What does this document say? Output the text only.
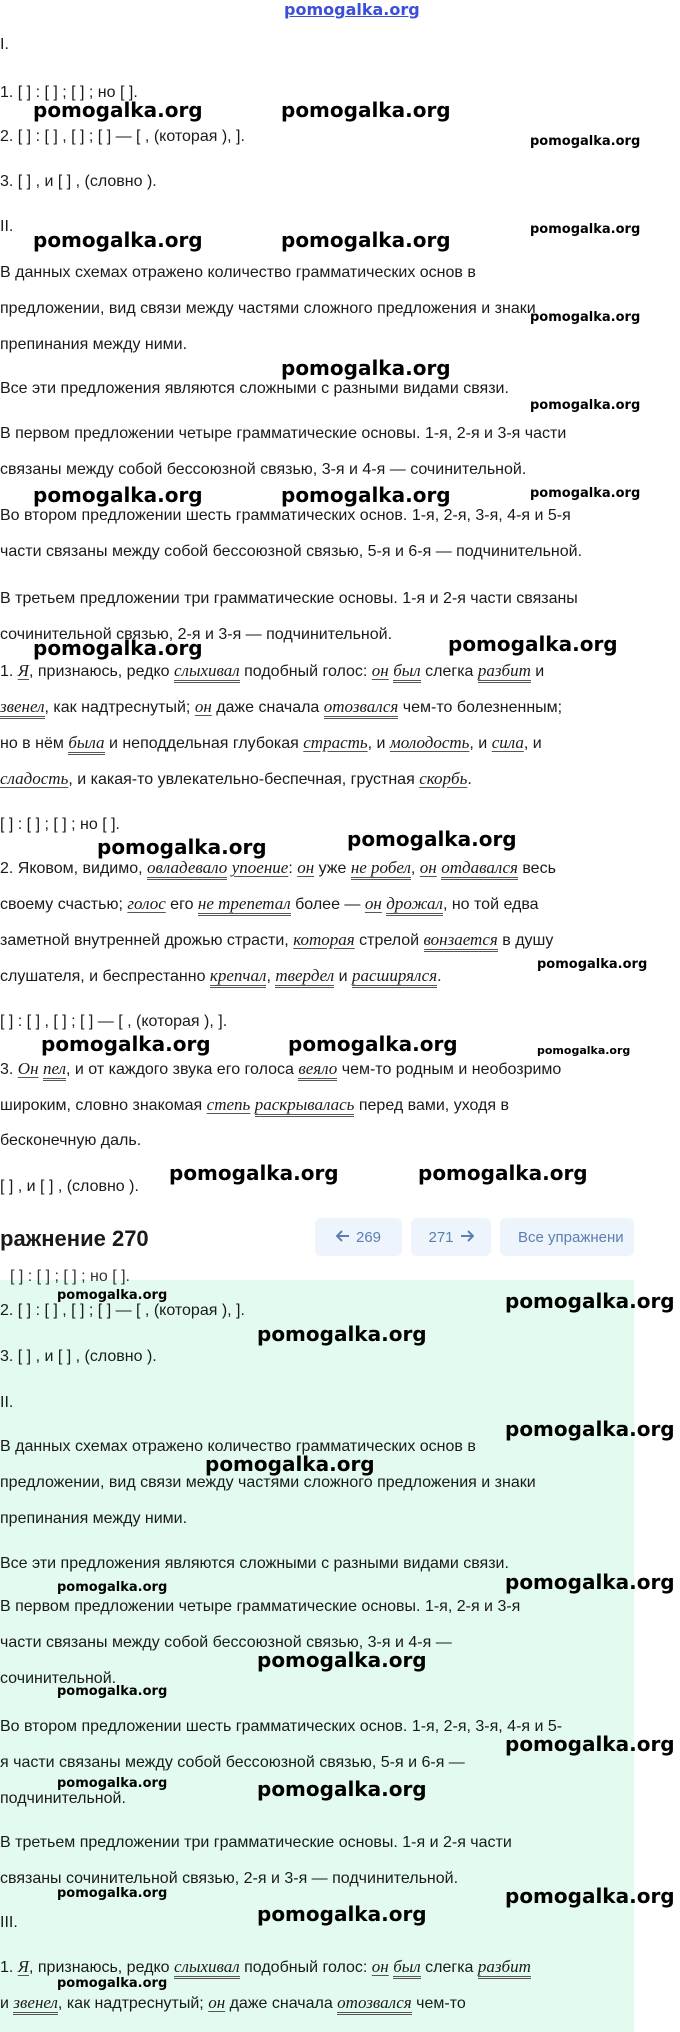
pomogalka.org
I.
1. [ ] : [ ] ; [ ] ; но [ ].
2. [ ] : [ ] , [ ] ; [ ] — [ , (которая ), ].
3. [ ] , и [ ] , (словно ).
II.
В данных схемах отражено количество грамматических основ в
предложении, вид связи между частями сложного предложения и знаки
препинания между ними.
Все эти предложения являются сложными с разными видами связи.
В первом предложении четыре грамматические основы. 1-я, 2-я и 3-я части
связаны между собой бессоюзной связью, 3-я и 4-я — сочинительной.
Во втором предложении шесть грамматических основ. 1-я, 2-я, 3-я, 4-я и 5-я
части связаны между собой бессоюзной связью, 5-я и 6-я — подчинительной.
В третьем предложении три грамматические основы. 1-я и 2-я части связаны
сочинительной связью, 2-я и 3-я — подчинительной.
1. Я, признаюсь, редко слыхивал подобный голос: он был слегка разбит и
звенел, как надтреснутый; он даже сначала отозвался чем-то болезненным;
но в нём была и неподдельная глубокая страсть, и молодость, и сила, и
сладость, и какая-то увлекательно-беспечная, грустная скорбь.
[ ] : [ ] ; [ ] ; но [ ].
2. Яковом, видимо, овладевало упоение: он уже не робел, он отдавался весь
своему счастью; голос его не трепетал более — он дрожал, но той едва
заметной внутренней дрожью страсти, которая стрелой вонзается в душу
слушателя, и беспрестанно крепчал, твердел и расширялся.
[ ] : [ ] , [ ] ; [ ] — [ , (которая ), ].
3. Он пел, и от каждого звука его голоса веяло чем-то родным и необозримо
широким, словно знакомая степь раскрывалась перед вами, уходя в
бесконечную даль.
[ ] , и [ ] , (словно ).
[ ] : [ ] ; [ ] ; но [ ].
ражнение 270	269	271	Все упражнени
2. [ ] : [ ] , [ ] ; [ ] — [ , (которая ), ].
3. [ ] , и [ ] , (словно ).
II.
В данных схемах отражено количество грамматических основ в
предложении, вид связи между частями сложного предложения и знаки
препинания между ними.
Все эти предложения являются сложными с разными видами связи.
В первом предложении четыре грамматические основы. 1-я, 2-я и 3-я
части связаны между собой бессоюзной связью, 3-я и 4-я —
сочинительной.
Во втором предложении шесть грамматических основ. 1-я, 2-я, 3-я, 4-я и 5-
я части связаны между собой бессоюзной связью, 5-я и 6-я —
подчинительной.
В третьем предложении три грамматические основы. 1-я и 2-я части
связаны сочинительной связью, 2-я и 3-я — подчинительной.
III.
1. Я, признаюсь, редко слыхивал подобный голос: он был слегка разбит
и звенел, как надтреснутый; он даже сначала отозвался чем-то
pomogalka.org	pomogalka.org
pomogalka.org
pomogalka.org	pomogalka.org	pomogalka.org
pomogalka.org
pomogalka.org
pomogalka.org
pomogalka.org	pomogalka.org	pomogalka.org
pomogalka.org	pomogalka.org
pomogalka.org	pomogalka.org
pomogalka.org
pomogalka.org	pomogalka.org	pomogalka.org
pomogalka.org	pomogalka.org
pomogalka.org	pomogalka.org
pomogalka.org
pomogalka.org
pomogalka.org
pomogalka.org	pomogalka.org
pomogalka.org
pomogalka.org
pomogalka.org
pomogalka.org	pomogalka.org
pomogalka.org
pomogalka.org
pomogalka.org
pomogalka.org
